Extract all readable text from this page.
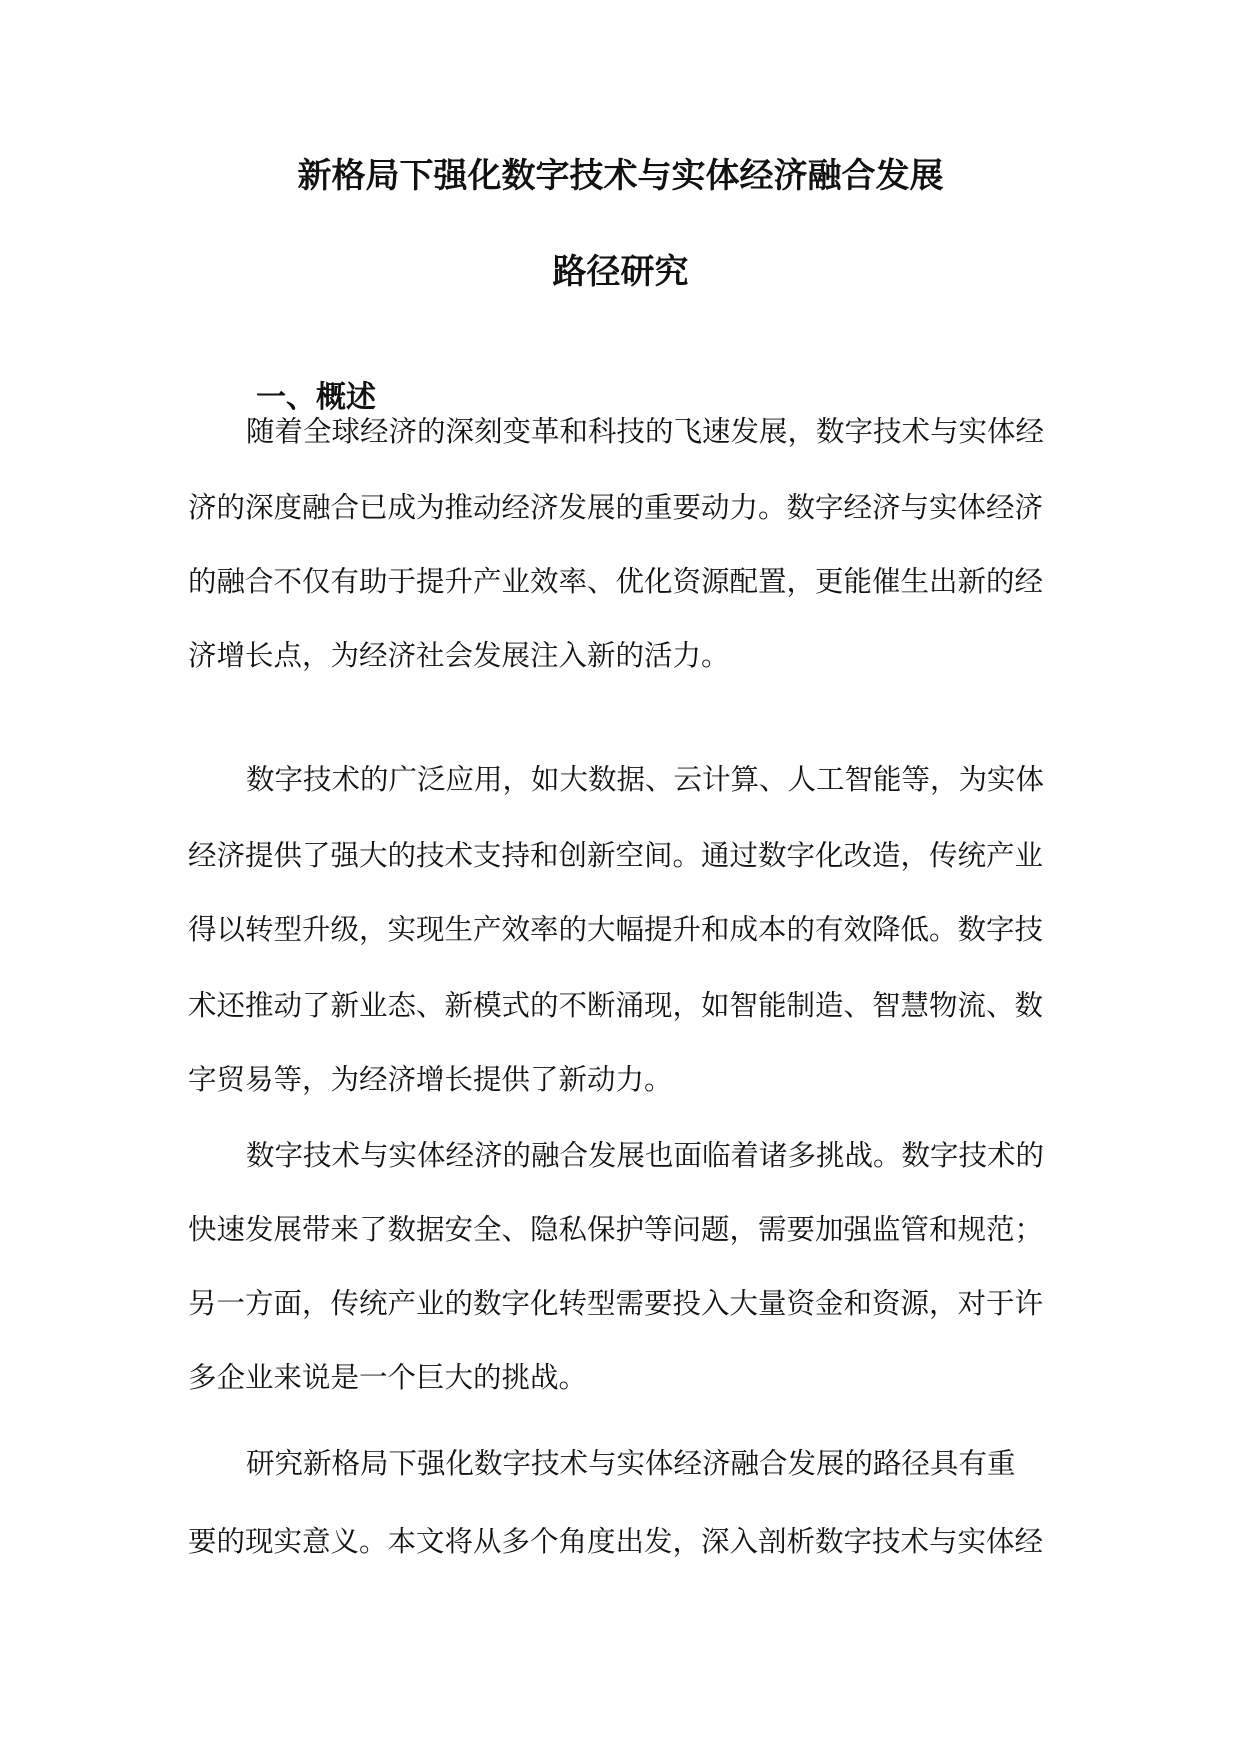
新格局下强化数字技术与实体经济融合发展
路径研究
一、概述
随着全球经济的深刻变革和科技的飞速发展，数字技术与实体经
济的深度融合已成为推动经济发展的重要动力。数字经济与实体经济
的融合不仅有助于提升产业效率、优化资源配置，更能催生出新的经
济增长点，为经济社会发展注入新的活力。
数字技术的广泛应用，如大数据、云计算、人工智能等，为实体
经济提供了强大的技术支持和创新空间。通过数字化改造，传统产业
得以转型升级，实现生产效率的大幅提升和成本的有效降低。数字技
术还推动了新业态、新模式的不断涌现，如智能制造、智慧物流、数
字贸易等，为经济增长提供了新动力。
数字技术与实体经济的融合发展也面临着诸多挑战。数字技术的
快速发展带来了数据安全、隐私保护等问题，需要加强监管和规范；
另一方面，传统产业的数字化转型需要投入大量资金和资源，对于许
多企业来说是一个巨大的挑战。
研究新格局下强化数字技术与实体经济融合发展的路径具有重
要的现实意义。本文将从多个角度出发，深入剖析数字技术与实体经
